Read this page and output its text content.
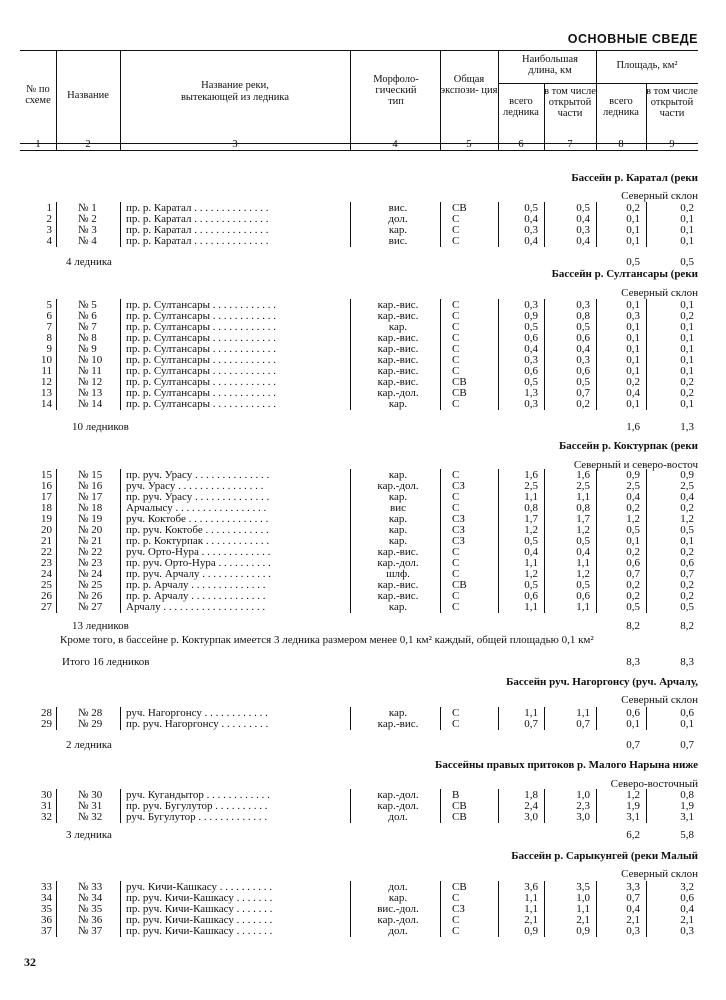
ОСНОВНЫЕ СВЕДЕ
№ по схеме	Название
Название реки,
вытекающей из ледника
Морфоло- гический тип
Общая экспози- ция
Наибольшая длина, км	Площадь, км²
всего ледника
в том числе открытой части
всего ледника
в том числе открытой части
1	2	3	4	5	6	7	8	9
Бассейн р. Каратал (реки
Северный склон
1 № 1	пр. р. Каратал . . . . . . . . . . . . . .	вис.	СВ	0,5	0,5	0,2	0,2
2 № 2	пр. р. Каратал . . . . . . . . . . . . . .	дол.	С	0,4	0,4	0,1	0,1
3 № 3	пр. р. Каратал . . . . . . . . . . . . . .	кар.	С	0,3	0,3	0,1	0,1
4 № 4	пр. р. Каратал . . . . . . . . . . . . . .	вис.	С	0,4	0,4	0,1	0,1
4 ледника	0,5	0,5
Бассейн р. Султансары (реки
Северный склон
5 № 5	пр. р. Султансары . . . . . . . . . . . .	кар.-вис.	С	0,3	0,3	0,1	0,1
6 № 6	пр. р. Султансары . . . . . . . . . . . .	кар.-вис.	С	0,9	0,8	0,3	0,2
7 № 7	пр. р. Султансары . . . . . . . . . . . .	кар.	С	0,5	0,5	0,1	0,1
8 № 8	пр. р. Султансары . . . . . . . . . . . .	кар.-вис.	С	0,6	0,6	0,1	0,1
9 № 9	пр. р. Султансары . . . . . . . . . . . .	кар.-вис.	С	0,4	0,4	0,1	0,1
10 № 10	пр. р. Султансары . . . . . . . . . . . .	кар.-вис.	С	0,3	0,3	0,1	0,1
11 № 11	пр. р. Султансары . . . . . . . . . . . .	кар.-вис.	С	0,6	0,6	0,1	0,1
12 № 12	пр. р. Султансары . . . . . . . . . . . .	кар.-вис.	СВ	0,5	0,5	0,2	0,2
13 № 13	пр. р. Султансары . . . . . . . . . . . .	кар.-дол.	СВ	1,3	0,7	0,4	0,2
14 № 14	пр. р. Султансары . . . . . . . . . . . .	кар.	С	0,3	0,2	0,1	0,1
10 ледников	1,6	1,3
Бассейн р. Коктурпак (реки
Северный и северо-восточ
15 № 15	пр. руч. Урасу . . . . . . . . . . . . . .	кар.	С	1,6	1,6	0,9	0,9
16 № 16	руч. Урасу . . . . . . . . . . . . . . . .	кар.-дол.	СЗ	2,5	2,5	2,5	2,5
17 № 17	пр. руч. Урасу . . . . . . . . . . . . . .	кар.	С	1,1	1,1	0,4	0,4
18 № 18	Арчалысу . . . . . . . . . . . . . . . . .	вис	С	0,8	0,8	0,2	0,2
19 № 19	руч. Коктобе . . . . . . . . . . . . . . .	кар.	СЗ	1,7	1,7	1,2	1,2
20 № 20	пр. руч. Коктобе . . . . . . . . . . . .	кар.	СЗ	1,2	1,2	0,5	0,5
21 № 21	пр. р. Коктурпак . . . . . . . . . . . .	кар.	СЗ	0,5	0,5	0,1	0,1
22 № 22	руч. Орто-Нура . . . . . . . . . . . . .	кар.-вис.	С	0,4	0,4	0,2	0,2
23 № 23	пр. руч. Орто-Нура . . . . . . . . . .	кар.-дол.	С	1,1	1,1	0,6	0,6
24 № 24	пр. руч. Арчалу . . . . . . . . . . . . .	шлф.	С	1,2	1,2	0,7	0,7
25 № 25	пр. р. Арчалу . . . . . . . . . . . . . .	кар.-вис.	СВ	0,5	0,5	0,2	0,2
26 № 26	пр. р. Арчалу . . . . . . . . . . . . . .	кар.-вис.	С	0,6	0,6	0,2	0,2
27 № 27	Арчалу . . . . . . . . . . . . . . . . . . .	кар.	С	1,1	1,1	0,5	0,5
13 ледников	8,2	8,2
Кроме того, в бассейне р. Коктурпак имеется 3 ледника размером менее 0,1 км² каждый, общей площадью 0,1 км²
Итого 16 ледников	8,3	8,3
Бассейн руч. Нагоргонсу (руч. Арчалу,
Северный склон
28 № 28	руч. Нагоргонсу . . . . . . . . . . . .	кар.	С	1,1	1,1	0,6	0,6
29 № 29	пр. руч. Нагоргонсу . . . . . . . . .	кар.-вис.	С	0,7	0,7	0,1	0,1
2 ледника	0,7	0,7
Бассейны правых притоков р. Малого Нарына ниже
Северо-восточный
30 № 30	руч. Кугандытор . . . . . . . . . . . .	кар.-дол.	В	1,8	1,0	1,2	0,8
31 № 31	пр. руч. Бугулутор . . . . . . . . . .	кар.-дол.	СВ	2,4	2,3	1,9	1,9
32 № 32	руч. Бугулутор . . . . . . . . . . . . .	дол.	СВ	3,0	3,0	3,1	3,1
3 ледника	6,2	5,8
Бассейн р. Сарыкунгей (реки Малый
Северный склон
33 № 33	руч. Кичи-Кашкасу . . . . . . . . . .	дол.	СВ	3,6	3,5	3,3	3,2
34 № 34	пр. руч. Кичи-Кашкасу . . . . . . .	кар.	С	1,1	1,0	0,7	0,6
35 № 35	пр. руч. Кичи-Кашкасу . . . . . . .	вис.-дол.	СЗ	1,1	1,1	0,4	0,4
36 № 36	пр. руч. Кичи-Кашкасу . . . . . . .	кар.-дол.	С	2,1	2,1	2,1	2,1
37 № 37	пр. руч. Кичи-Кашкасу . . . . . . .	дол.	С	0,9	0,9	0,3	0,3
32
